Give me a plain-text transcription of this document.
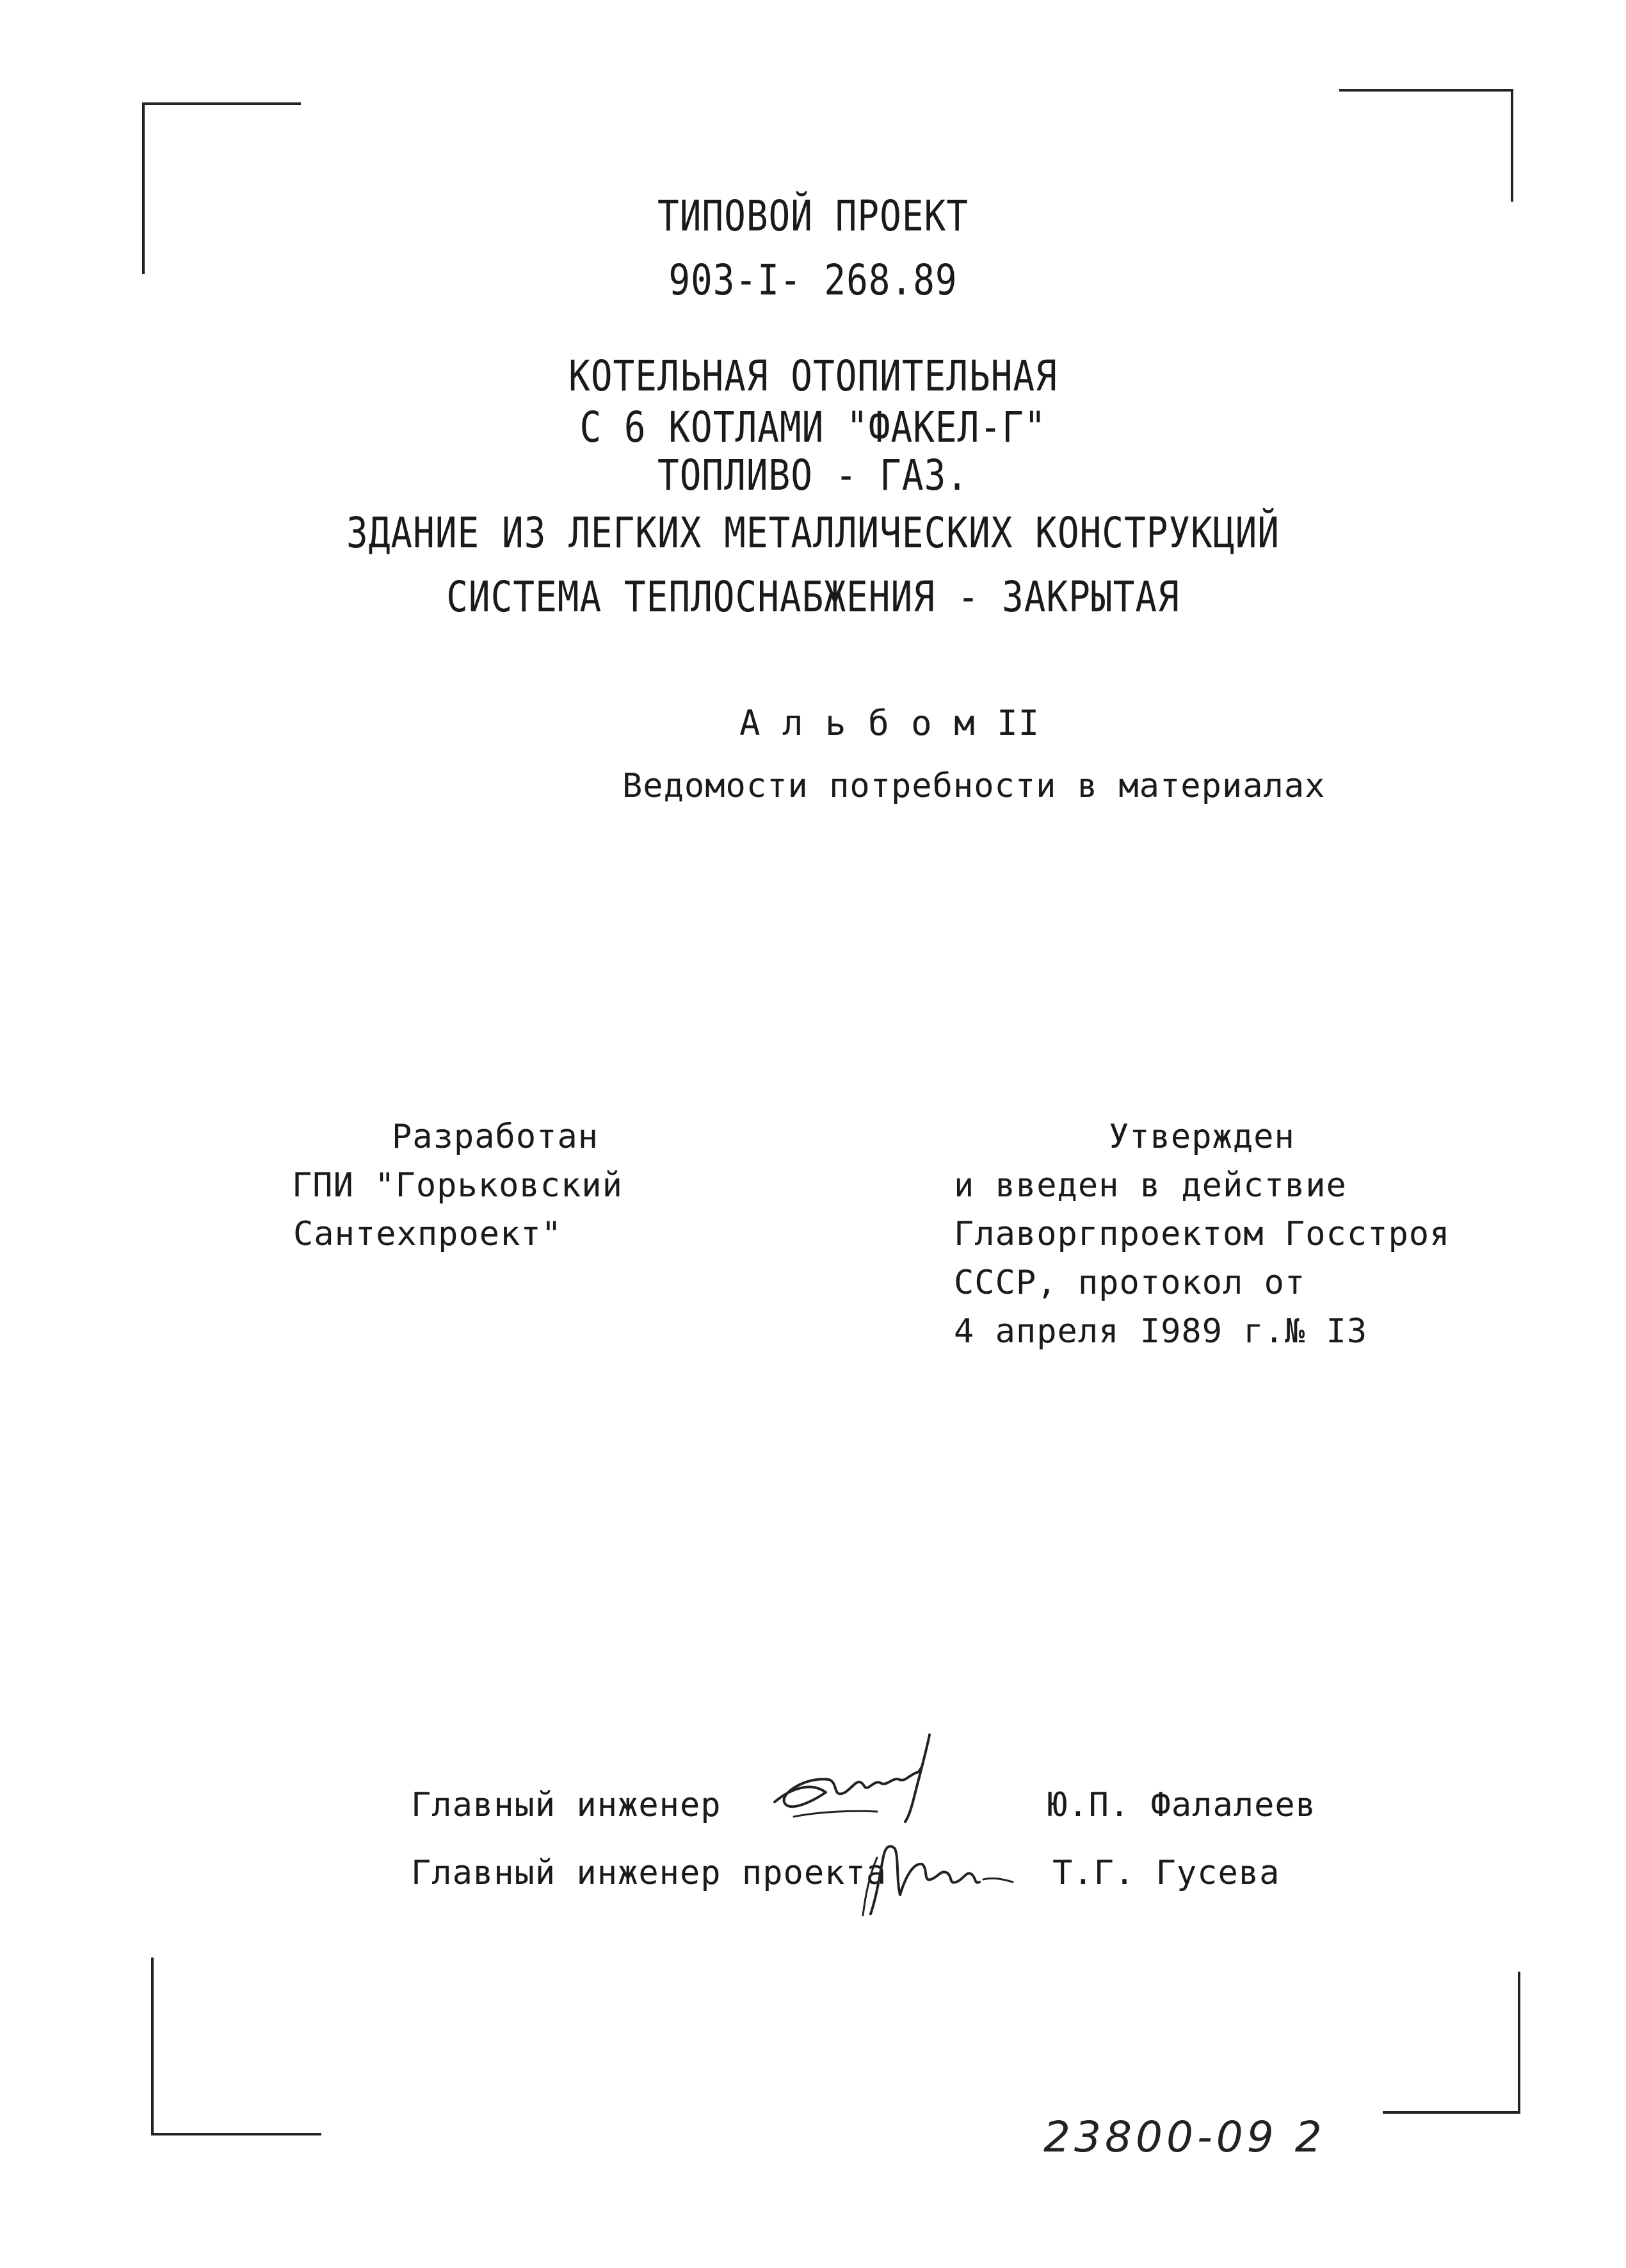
ТИПОВОЙ ПРОЕКТ
903-I- 268.89
КОТЕЛЬНАЯ ОТОПИТЕЛЬНАЯ
С 6 КОТЛАМИ "ФАКЕЛ-Г"
ТОПЛИВО - ГАЗ.
ЗДАНИЕ ИЗ ЛЕГКИХ МЕТАЛЛИЧЕСКИХ КОНСТРУКЦИЙ
СИСТЕМА ТЕПЛОСНАБЖЕНИЯ - ЗАКРЫТАЯ
А л ь б о м II
Ведомости потребности в материалах
Разработан
ГПИ "Горьковский
Сантехпроект"
Утвержден
и введен в действие
Главоргпроектом Госстроя
СССР, протокол от
4 апреля I989 г.№ I3
Главный инженер	Ю.П. Фалалеев
Главный инженер проекта	Т.Г. Гусева
23800-09 2
